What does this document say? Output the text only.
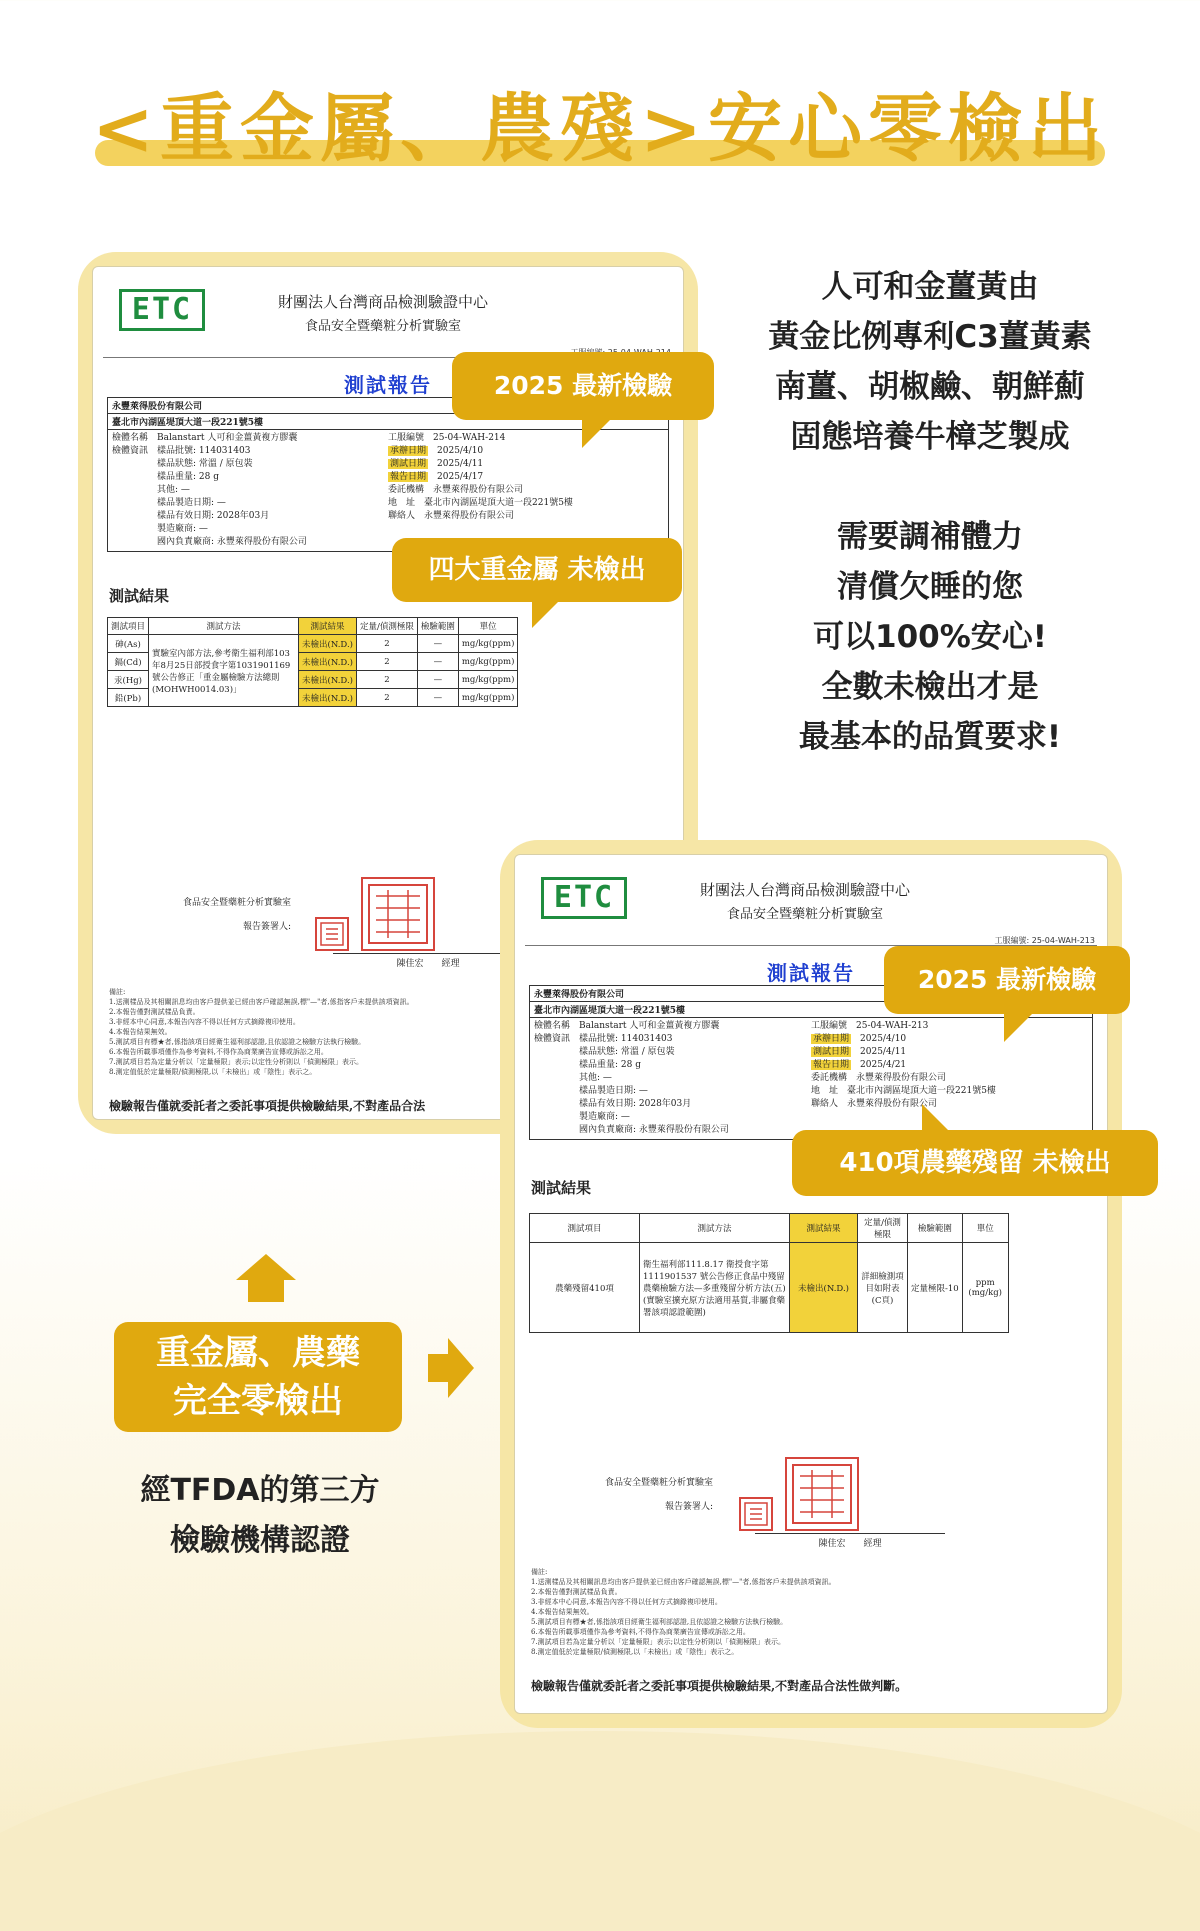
<重金屬、農殘>安心零檢出
ETC	財團法人台灣商品檢測驗證中心
食品安全暨藥粧分析實驗室
測試報告
永豐萊得股份有限公司
臺北市內湖區堤頂大道一段221號5樓
檢體名稱　Balanstart 人可和金薑黃複方膠囊
檢體資訊　樣品批號: 114031403
　　　　　樣品狀態: 常溫 / 原包裝
　　　　　樣品重量: 28 g
　　　　　其他: —
　　　　　樣品製造日期: —
　　　　　樣品有效日期: 2028年03月
　　　　　製造廠商: —
　　　　　國內負責廠商: 永豐萊得股份有限公司
工服編號　25-04-WAH-214
承辦日期　2025/4/10
測試日期　2025/4/11
報告日期　2025/4/17
委託機構　永豐萊得股份有限公司
地　址　臺北市內湖區堤頂大道一段221號5樓
聯絡人　永豐萊得股份有限公司
測試結果
測試項目	測試方法	測試結果	定量/偵測極限	檢驗範圍	單位
砷(As)	實驗室內部方法,參考衛生福利部103年8月25日部授食字第1031901169號公告修正「重金屬檢驗方法總則(MOHWH0014.03)」	未檢出(N.D.)	2	—	mg/kg(ppm)
鎘(Cd)		未檢出(N.D.)	2	—	mg/kg(ppm)
汞(Hg)		未檢出(N.D.)	2	—	mg/kg(ppm)
鉛(Pb)		未檢出(N.D.)	2	—	mg/kg(ppm)
食品安全暨藥粧分析實驗室
報告簽署人:
陳佳宏　　經理
備註:
1.送測樣品及其相關訊息均由客戶提供並已經由客戶確認無誤,標"—"者,係指客戶未提供該項資訊。
2.本報告僅對測試樣品負責。
3.非經本中心同意,本報告內容不得以任何方式摘錄複印使用。
4.本報告結果無效。
5.測試項目有標★者,係指該項目經衛生福利部認證,且依認證之檢驗方法執行檢驗。
6.本報告所載事項僅作為參考資料,不得作為商業廣告宣傳或訴訟之用。
7.測試項目若為定量分析以「定量極限」表示;以定性分析則以「偵測極限」表示。
8.測定值低於定量極限/偵測極限,以「未檢出」或「陰性」表示之。
檢驗報告僅就委託者之委託事項提供檢驗結果,不對產品合法
ETC	財團法人台灣商品檢測驗證中心
食品安全暨藥粧分析實驗室
工服編號: 25-04-WAH-213
測試報告
永豐萊得股份有限公司
臺北市內湖區堤頂大道一段221號5樓
檢體名稱　Balanstart 人可和金薑黃複方膠囊
檢體資訊　樣品批號: 114031403
　　　　　樣品狀態: 常溫 / 原包裝
　　　　　樣品重量: 28 g
　　　　　其他: —
　　　　　樣品製造日期: —
　　　　　樣品有效日期: 2028年03月
　　　　　製造廠商: —
　　　　　國內負責廠商: 永豐萊得股份有限公司
工服編號　25-04-WAH-213
承辦日期　2025/4/10
測試日期　2025/4/11
報告日期　2025/4/21
委託機構　永豐萊得股份有限公司
地　址　臺北市內湖區堤頂大道一段221號5樓
聯絡人　永豐萊得股份有限公司
測試結果
測試項目	測試方法	測試結果	定量/偵測極限	檢驗範圍	單位
農藥殘留410項	衛生福利部111.8.17 衛授食字第 1111901537 號公告修正食品中殘留農藥檢驗方法—多重殘留分析方法(五)(實驗室擴充原方法適用基質,非屬食藥署該項認證範圍)	未檢出(N.D.)	詳細檢測項目如附表(C頁)	定量極限-10	ppm (mg/kg)
食品安全暨藥粧分析實驗室
報告簽署人:
陳佳宏　　經理
備註:
1.送測樣品及其相關訊息均由客戶提供並已經由客戶確認無誤,標"—"者,係指客戶未提供該項資訊。
2.本報告僅對測試樣品負責。
3.非經本中心同意,本報告內容不得以任何方式摘錄複印使用。
4.本報告結果無效。
5.測試項目有標★者,係指該項目經衛生福利部認證,且依認證之檢驗方法執行檢驗。
6.本報告所載事項僅作為參考資料,不得作為商業廣告宣傳或訴訟之用。
7.測試項目若為定量分析以「定量極限」表示;以定性分析則以「偵測極限」表示。
8.測定值低於定量極限/偵測極限,以「未檢出」或「陰性」表示之。
檢驗報告僅就委託者之委託事項提供檢驗結果,不對產品合法性做判斷。
2025 最新檢驗
四大重金屬 未檢出
2025 最新檢驗
410項農藥殘留 未檢出
人可和金薑黃由
黃金比例專利C3薑黃素
南薑、胡椒鹼、朝鮮薊
固態培養牛樟芝製成
需要調補體力
清償欠睡的您
可以100%安心!
全數未檢出才是
最基本的品質要求!
重金屬、農藥
完全零檢出
經TFDA的第三方
檢驗機構認證
